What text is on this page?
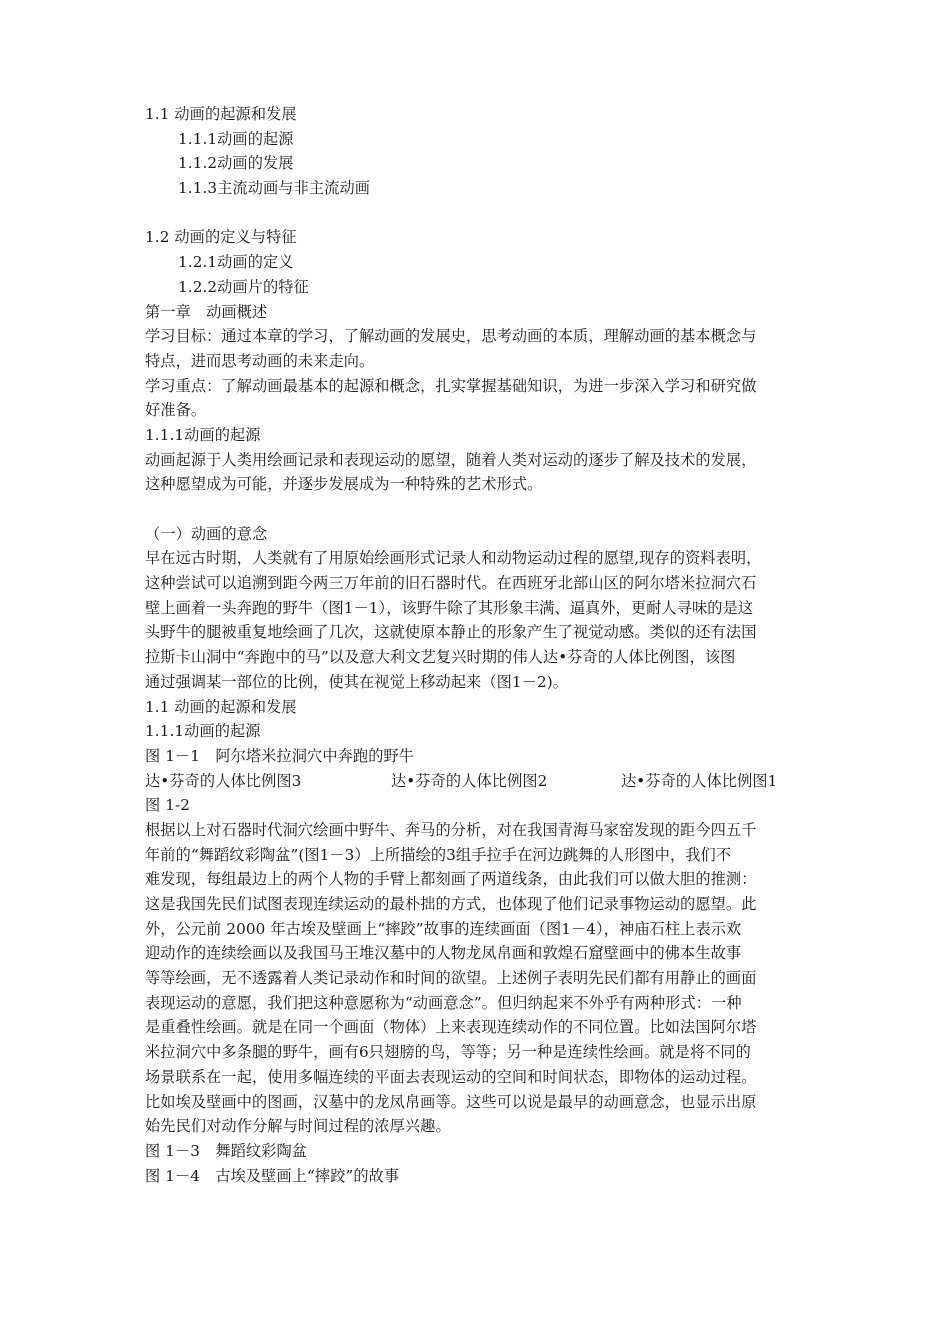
1.1 动画的起源和发展
1.1.1动画的起源
1.1.2动画的发展
1.1.3主流动画与非主流动画
1.2 动画的定义与特征
1.2.1动画的定义
1.2.2动画片的特征
第一章　动画概述
学习目标：通过本章的学习，了解动画的发展史，思考动画的本质，理解动画的基本概念与
特点，进而思考动画的未来走向。
学习重点：了解动画最基本的起源和概念，扎实掌握基础知识，为进一步深入学习和研究做
好准备。
1.1.1动画的起源
动画起源于人类用绘画记录和表现运动的愿望，随着人类对运动的逐步了解及技术的发展，
这种愿望成为可能，并逐步发展成为一种特殊的艺术形式。
（一）动画的意念
早在远古时期，人类就有了用原始绘画形式记录人和动物运动过程的愿望,现存的资料表明，
这种尝试可以追溯到距今两三万年前的旧石器时代。在西班牙北部山区的阿尔塔米拉洞穴石
壁上画着一头奔跑的野牛（图1－1），该野牛除了其形象丰满、逼真外，更耐人寻味的是这
头野牛的腿被重复地绘画了几次，这就使原本静止的形象产生了视觉动感。类似的还有法国
拉斯卡山洞中“奔跑中的马”以及意大利文艺复兴时期的伟人达•芬奇的人体比例图，该图
通过强调某一部位的比例，使其在视觉上移动起来（图1－2)。
1.1 动画的起源和发展
1.1.1动画的起源
图 1－1　阿尔塔米拉洞穴中奔跑的野牛
达•芬奇的人体比例图3	达•芬奇的人体比例图2	达•芬奇的人体比例图1
图 1-2
根据以上对石器时代洞穴绘画中野牛、奔马的分析，对在我国青海马家窑发现的距今四五千
年前的“舞蹈纹彩陶盆”(图1－3）上所描绘的3组手拉手在河边跳舞的人形图中，我们不
难发现，每组最边上的两个人物的手臂上都刻画了两道线条，由此我们可以做大胆的推测：
这是我国先民们试图表现连续运动的最朴拙的方式，也体现了他们记录事物运动的愿望。此
外，公元前 2000 年古埃及壁画上“摔跤”故事的连续画面（图1－4），神庙石柱上表示欢
迎动作的连续绘画以及我国马王堆汉墓中的人物龙凤帛画和敦煌石窟壁画中的佛本生故事
等等绘画，无不透露着人类记录动作和时间的欲望。上述例子表明先民们都有用静止的画面
表现运动的意愿，我们把这种意愿称为“动画意念”。但归纳起来不外乎有两种形式：一种
是重叠性绘画。就是在同一个画面（物体）上来表现连续动作的不同位置。比如法国阿尔塔
米拉洞穴中多条腿的野牛，画有6只翅膀的鸟，等等；另一种是连续性绘画。就是将不同的
场景联系在一起，使用多幅连续的平面去表现运动的空间和时间状态，即物体的运动过程。
比如埃及壁画中的图画，汉墓中的龙凤帛画等。这些可以说是最早的动画意念，也显示出原
始先民们对动作分解与时间过程的浓厚兴趣。
图 1－3　舞蹈纹彩陶盆
图 1－4　古埃及壁画上“摔跤”的故事
